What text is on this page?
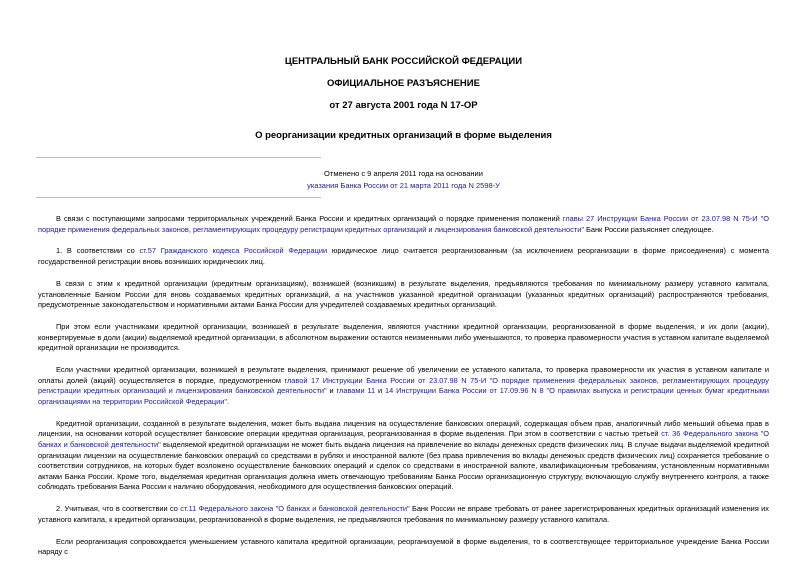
ЦЕНТРАЛЬНЫЙ БАНК РОССИЙСКОЙ ФЕДЕРАЦИИ
ОФИЦИАЛЬНОЕ РАЗЪЯСНЕНИЕ
от 27 августа 2001 года N 17-ОР
О реорганизации кредитных организаций в форме выделения
Отменено с 9 апреля 2011 года на основании
указания Банка России от 21 марта 2011 года N 2598-У

В связи с поступающими запросами территориальных учреждений Банка России и кредитных организаций о порядке применения положений главы 27 Инструкции Банка России от 23.07.98 N 75-И "О порядке применения федеральных законов, регламентирующих процедуру регистрации кредитных организаций и лицензирования банковской деятельности" Банк России разъясняет следующее.

1. В соответствии со ст.57 Гражданского кодекса Российской Федерации юридическое лицо считается реорганизованным (за исключением реорганизации в форме присоединения) с момента государственной регистрации вновь возникших юридических лиц.

В связи с этим к кредитной организации (кредитным организациям), возникшей (возникшим) в результате выделения, предъявляются требования по минимальному размеру уставного капитала, установленные Банком России для вновь создаваемых кредитных организаций, а на участников указанной кредитной организации (указанных кредитных организаций) распространяются требования, предусмотренные законодательством и нормативными актами Банка России для учредителей создаваемых кредитных организаций.

При этом если участниками кредитной организации, возникшей в результате выделения, являются участники кредитной организации, реорганизованной в форме выделения, и их доли (акции), конвертируемые в доли (акции) выделяемой кредитной организации, в абсолютном выражении остаются неизменными либо уменьшаются, то проверка правомерности участия в уставном капитале выделяемой кредитной организации не производится.

Если участники кредитной организации, возникшей в результате выделения, принимают решение об увеличении ее уставного капитала, то проверка правомерности их участия в уставном капитале и оплаты долей (акций) осуществляется в порядке, предусмотренном главой 17 Инструкции Банка России от 23.07.98 N 75-И "О порядке применения федеральных законов, регламентирующих процедуру регистрации кредитных организаций и лицензирования банковской деятельности" и главами 11 и 14 Инструкции Банка России от 17.09.96 N 8 "О правилах выпуска и регистрации ценных бумаг кредитными организациями на территории Российской Федерации".

Кредитной организации, созданной в результате выделения, может быть выдана лицензия на осуществление банковских операций, содержащая объем прав, аналогичный либо меньший объема прав в лицензии, на основании которой осуществляет банковские операции кредитная организация, реорганизованная в форме выделения. При этом в соответствии с частью третьей ст. 36 Федерального закона "О банках и банковской деятельности" выделяемой кредитной организации не может быть выдана лицензия на привлечение во вклады денежных средств физических лиц. В случае выдачи выделяемой кредитной организации лицензии на осуществление банковских операций со средствами в рублях и иностранной валюте (без права привлечения во вклады денежных средств физических лиц) сохраняется требование о соответствии сотрудников, на которых будет возложено осуществление банковских операций и сделок со средствами в иностранной валюте, квалификационным требованиям, установленным нормативными актами Банка России. Кроме того, выделяемая кредитная организация должна иметь отвечающую требованиям Банка России организационную структуру, включающую службу внутреннего контроля, а также соблюдать требования Банка России к наличию оборудования, необходимого для осуществления банковских операций.

2. Учитывая, что в соответствии со ст.11 Федерального закона "О банках и банковской деятельности" Банк России не вправе требовать от ранее зарегистрированных кредитных организаций изменения их уставного капитала, к кредитной организации, реорганизованной в форме выделения, не предъявляются требования по минимальному размеру уставного капитала.

Если реорганизация сопровождается уменьшением уставного капитала кредитной организации, реорганизуемой в форме выделения, то в соответствующее территориальное учреждение Банка России наряду с
